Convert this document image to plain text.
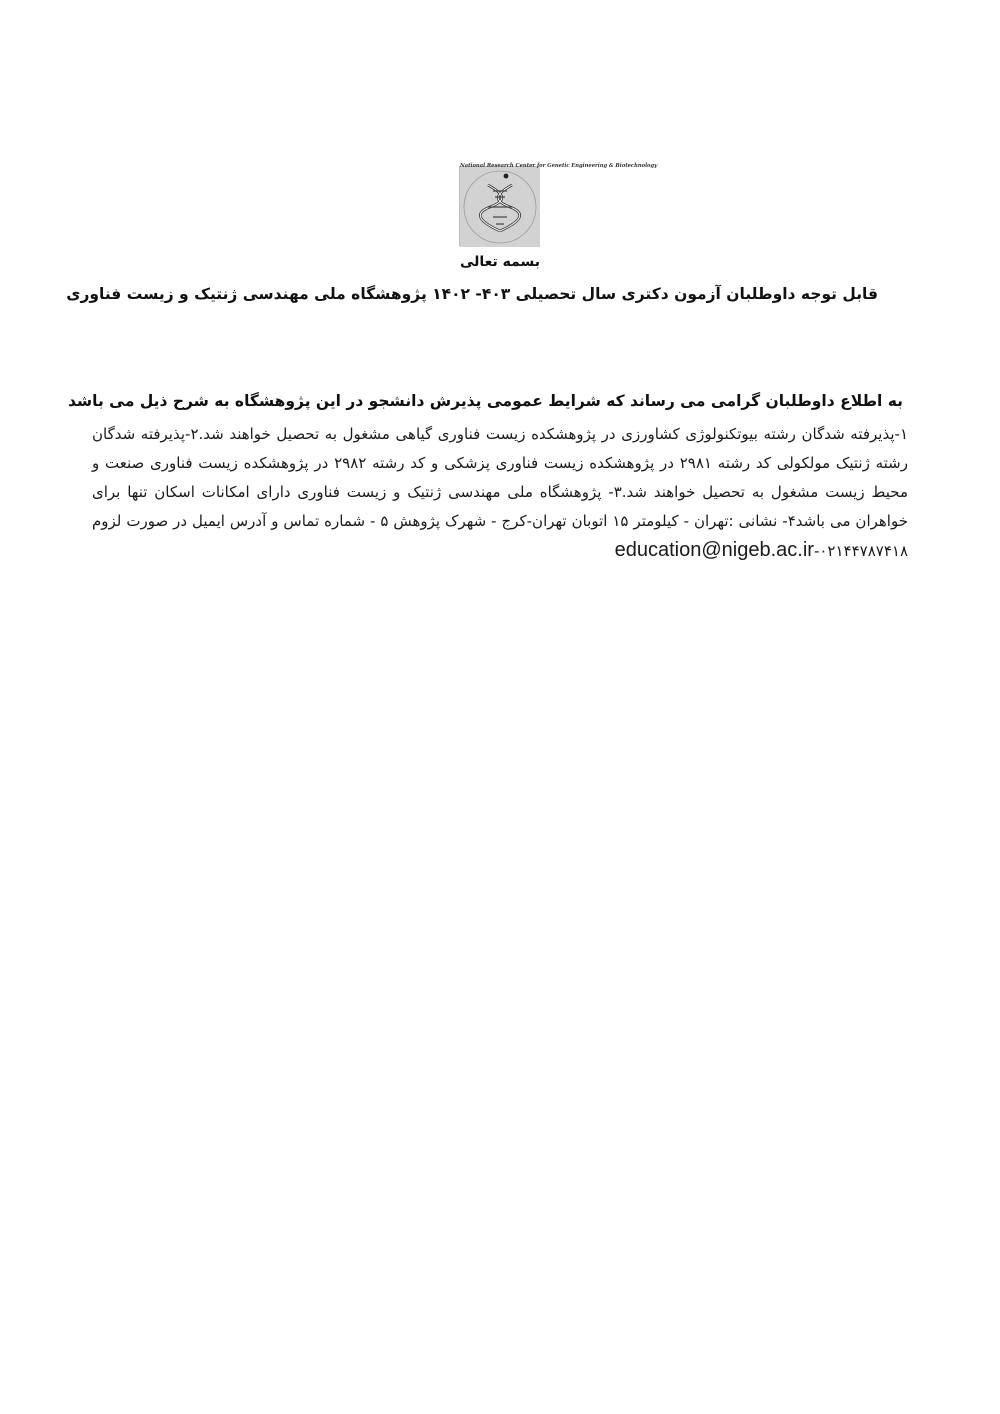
National Research Center for Genetic Engineering & Biotechnology
بسمه تعالی
قابل توجه داوطلبان آزمون دکتری سال تحصیلی ۴۰۳- ۱۴۰۲ پژوهشگاه ملی مهندسی ژنتیک و زیست فناوری
به اطلاع داوطلبان گرامی می رساند که شرایط عمومی پذیرش دانشجو در این پژوهشگاه به شرح ذیل می باشد
۱-پذیرفته شدگان رشته بیوتکنولوژی کشاورزی در پژوهشکده زیست فناوری گیاهی مشغول به تحصیل خواهند شد.۲-پذیرفته شدگان رشته ژنتیک مولکولی کد رشته ۲۹۸۱ در پژوهشکده زیست فناوری پزشکی و کد رشته ۲۹۸۲ در پژوهشکده زیست فناوری صنعت و محیط زیست مشغول به تحصیل خواهند شد.۳- پژوهشگاه ملی مهندسی ژنتیک و زیست فناوری دارای امکانات اسکان تنها برای خواهران می باشد۴- نشانی :تهران - کیلومتر ۱۵ اتوبان تهران-کرج - شهرک پژوهش ۵ - شماره تماس و آدرس ایمیل در صورت لزوم ۰۲۱۴۴۷۸۷۴۱۸-education@nigeb.ac.ir
